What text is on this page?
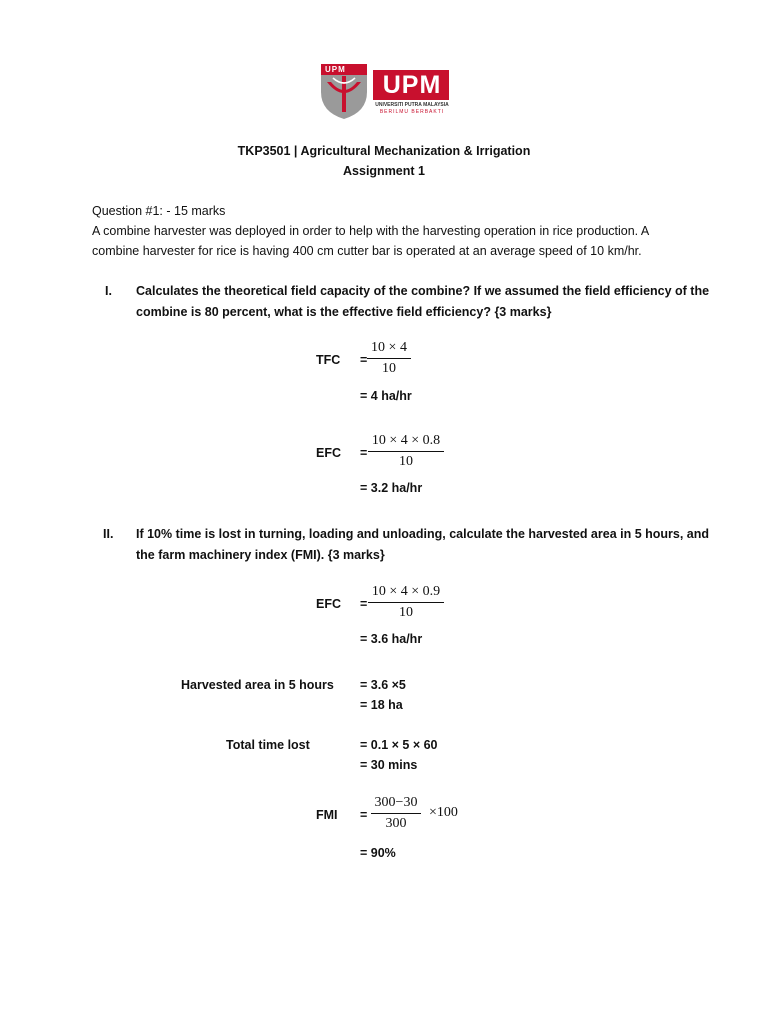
UPM
UPM
UNIVERSITI PUTRA MALAYSIA
BERILMU BERBAKTI
TKP3501 | Agricultural Mechanization & Irrigation
Assignment 1
Question #1: - 15 marks
A combine harvester was deployed in order to help with the harvesting operation in rice production. A
combine harvester for rice is having 400 cm cutter bar is operated at an average speed of 10 km/hr.
I. Calculates the theoretical field capacity of the combine? If we assumed the field efficiency of the
combine is 80 percent, what is the effective field efficiency? {3 marks}
TFC =
$\frac{10 \times 4}{10}$
= 4 ha/hr
EFC =
$\frac{10 \times 4 \times 0.8}{10}$
= 3.2 ha/hr
II. If 10% time is lost in turning, loading and unloading, calculate the harvested area in 5 hours, and
the farm machinery index (FMI). {3 marks}
EFC =
$\frac{10 \times 4 \times 0.9}{10}$
= 3.6 ha/hr
Harvested area in 5 hours = 3.6 ×5
= 18 ha
Total time lost	= 0.1 × 5 × 60
= 30 mins
FMI =
$\frac{300-30}{300} \times 100$
= 90%
